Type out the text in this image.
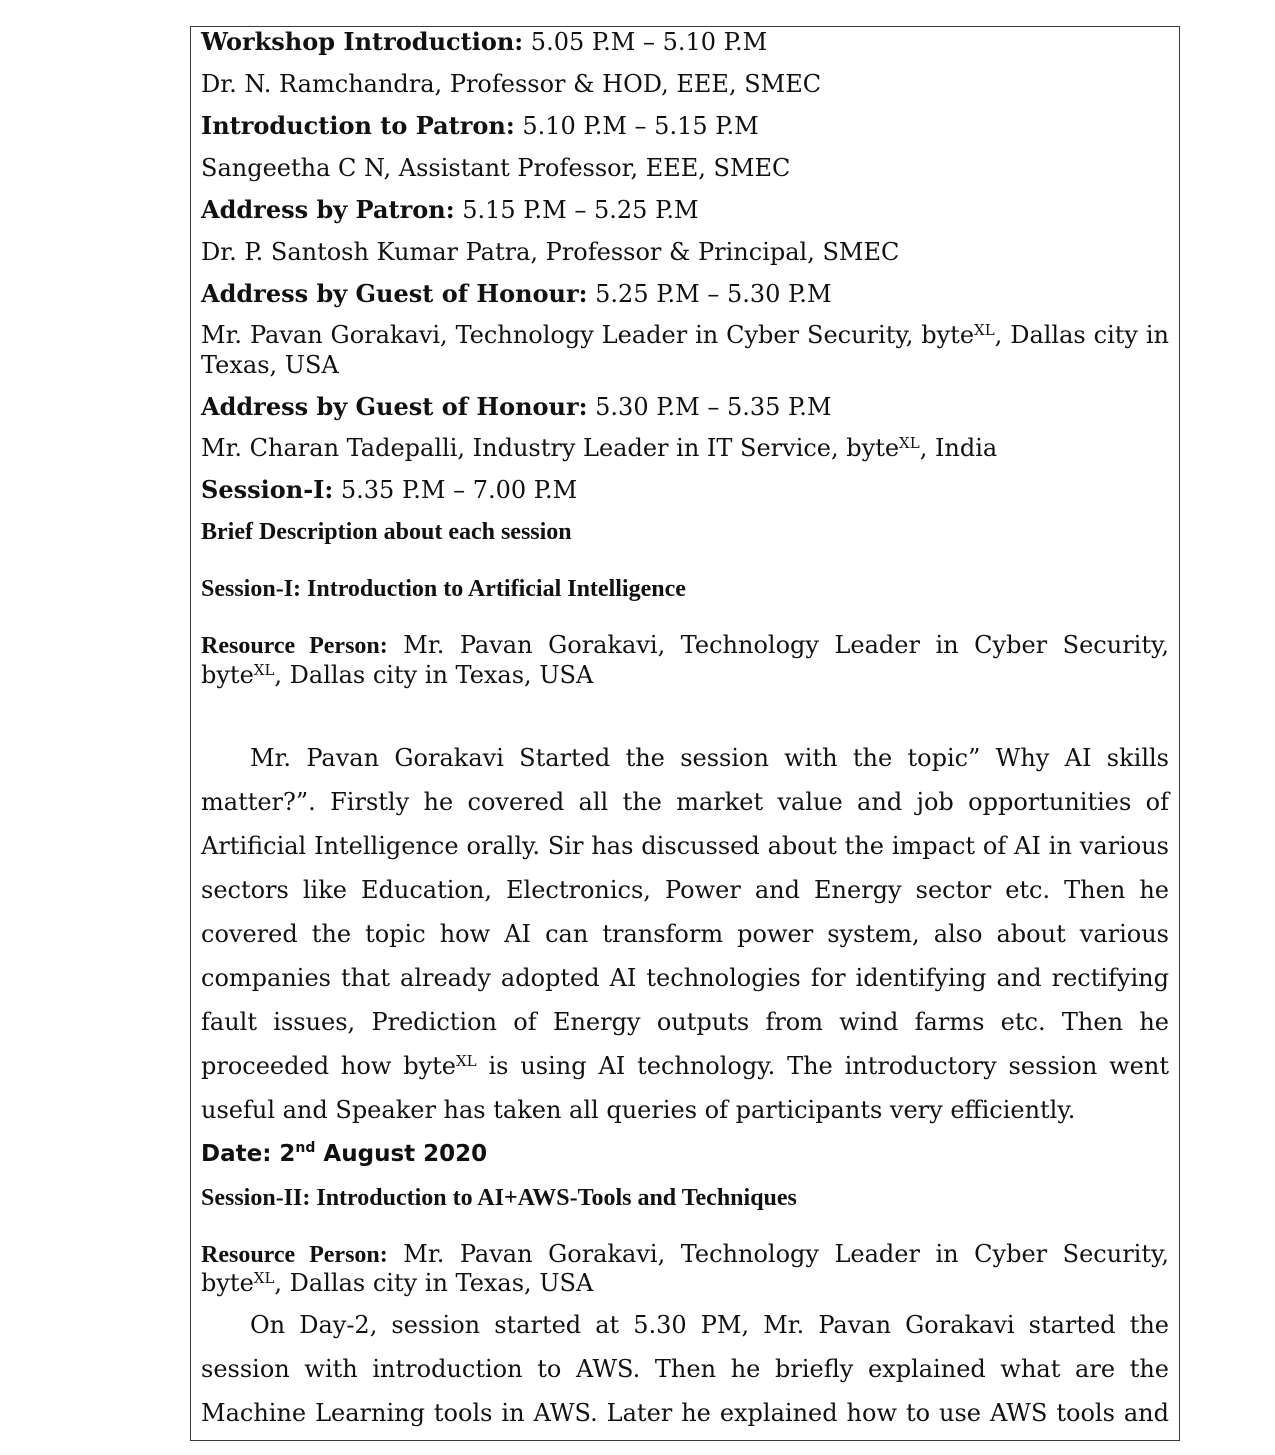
Workshop Introduction: 5.05 P.M – 5.10 P.M
Dr. N. Ramchandra, Professor & HOD, EEE, SMEC
Introduction to Patron: 5.10 P.M – 5.15 P.M
Sangeetha C N, Assistant Professor, EEE, SMEC
Address by Patron: 5.15 P.M – 5.25 P.M
Dr. P. Santosh Kumar Patra, Professor & Principal, SMEC
Address by Guest of Honour: 5.25 P.M – 5.30 P.M
Mr. Pavan Gorakavi, Technology Leader in Cyber Security, byte$^{XL}$, Dallas city in
Texas, USA
Address by Guest of Honour: 5.30 P.M – 5.35 P.M
Mr. Charan Tadepalli, Industry Leader in IT Service, byte$^{XL}$, India
Session-I: 5.35 P.M – 7.00 P.M
Brief Description about each session
Session-I: Introduction to Artificial Intelligence
Resource Person: Mr. Pavan Gorakavi, Technology Leader in Cyber Security,
byte$^{XL}$, Dallas city in Texas, USA
Mr. Pavan Gorakavi Started the session with the topic” Why AI skills
matter?”. Firstly he covered all the market value and job opportunities of
Artificial Intelligence orally. Sir has discussed about the impact of AI in various
sectors like Education, Electronics, Power and Energy sector etc. Then he
covered the topic how AI can transform power system, also about various
companies that already adopted AI technologies for identifying and rectifying
fault issues, Prediction of Energy outputs from wind farms etc. Then he
proceeded how byte$^{XL}$ is using AI technology. The introductory session went
useful and Speaker has taken all queries of participants very efficiently.
Date: 2nd August 2020
Session-II: Introduction to AI+AWS-Tools and Techniques
Resource Person: Mr. Pavan Gorakavi, Technology Leader in Cyber Security,
byte$^{XL}$, Dallas city in Texas, USA
On Day-2, session started at 5.30 PM, Mr. Pavan Gorakavi started the
session with introduction to AWS. Then he briefly explained what are the
Machine Learning tools in AWS. Later he explained how to use AWS tools and
